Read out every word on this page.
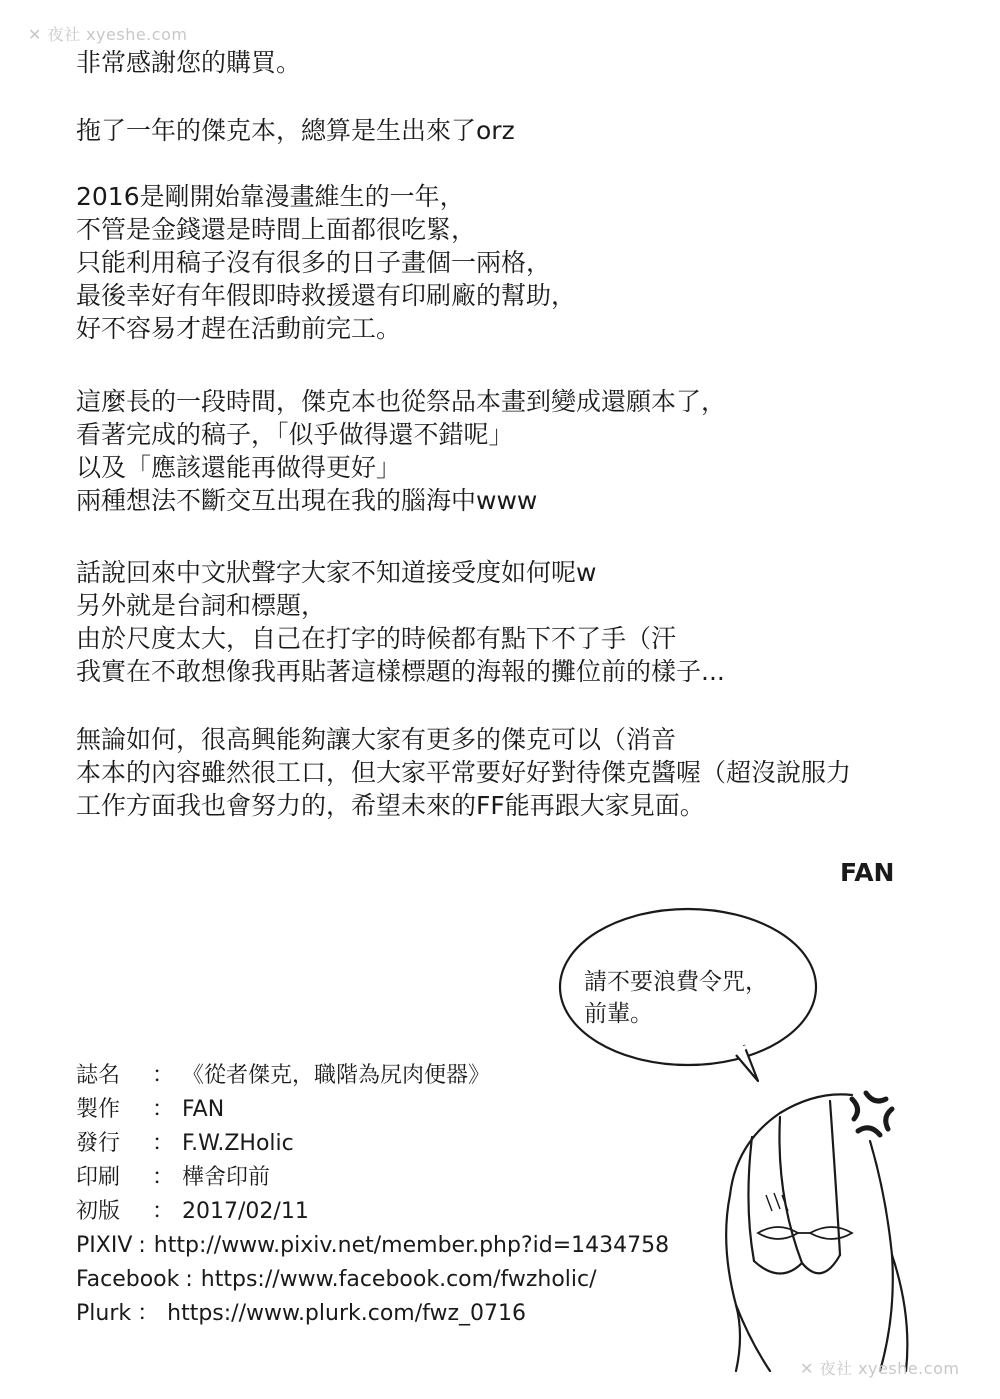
✕ 夜社 xyeshe.com
非常感謝您的購買。
拖了一年的傑克本，總算是生出來了orz
2016是剛開始靠漫畫維生的一年，
不管是金錢還是時間上面都很吃緊，
只能利用稿子沒有很多的日子畫個一兩格，
最後幸好有年假即時救援還有印刷廠的幫助，
好不容易才趕在活動前完工。
這麼長的一段時間，傑克本也從祭品本畫到變成還願本了，
看著完成的稿子，「似乎做得還不錯呢」
以及「應該還能再做得更好」
兩種想法不斷交互出現在我的腦海中www
話說回來中文狀聲字大家不知道接受度如何呢w
另外就是台詞和標題，
由於尺度太大，自己在打字的時候都有點下不了手（汗
我實在不敢想像我再貼著這樣標題的海報的攤位前的樣子...
無論如何，很高興能夠讓大家有更多的傑克可以（消音
本本的內容雖然很工口，但大家平常要好好對待傑克醬喔（超沒說服力
工作方面我也會努力的，希望未來的FF能再跟大家見面。
FAN
請不要浪費令咒，
前輩。
誌名 ： 《從者傑克，職階為尻肉便器》
製作 ： FAN
發行 ： F.W.ZHolic
印刷 ： 樺舍印前
初版 ： 2017/02/11
PIXIV : http://www.pixiv.net/member.php?id=1434758
Facebook : https://www.facebook.com/fwzholic/
Plurk ： https://www.plurk.com/fwz_0716
✕ 夜社 xyeshe.com
